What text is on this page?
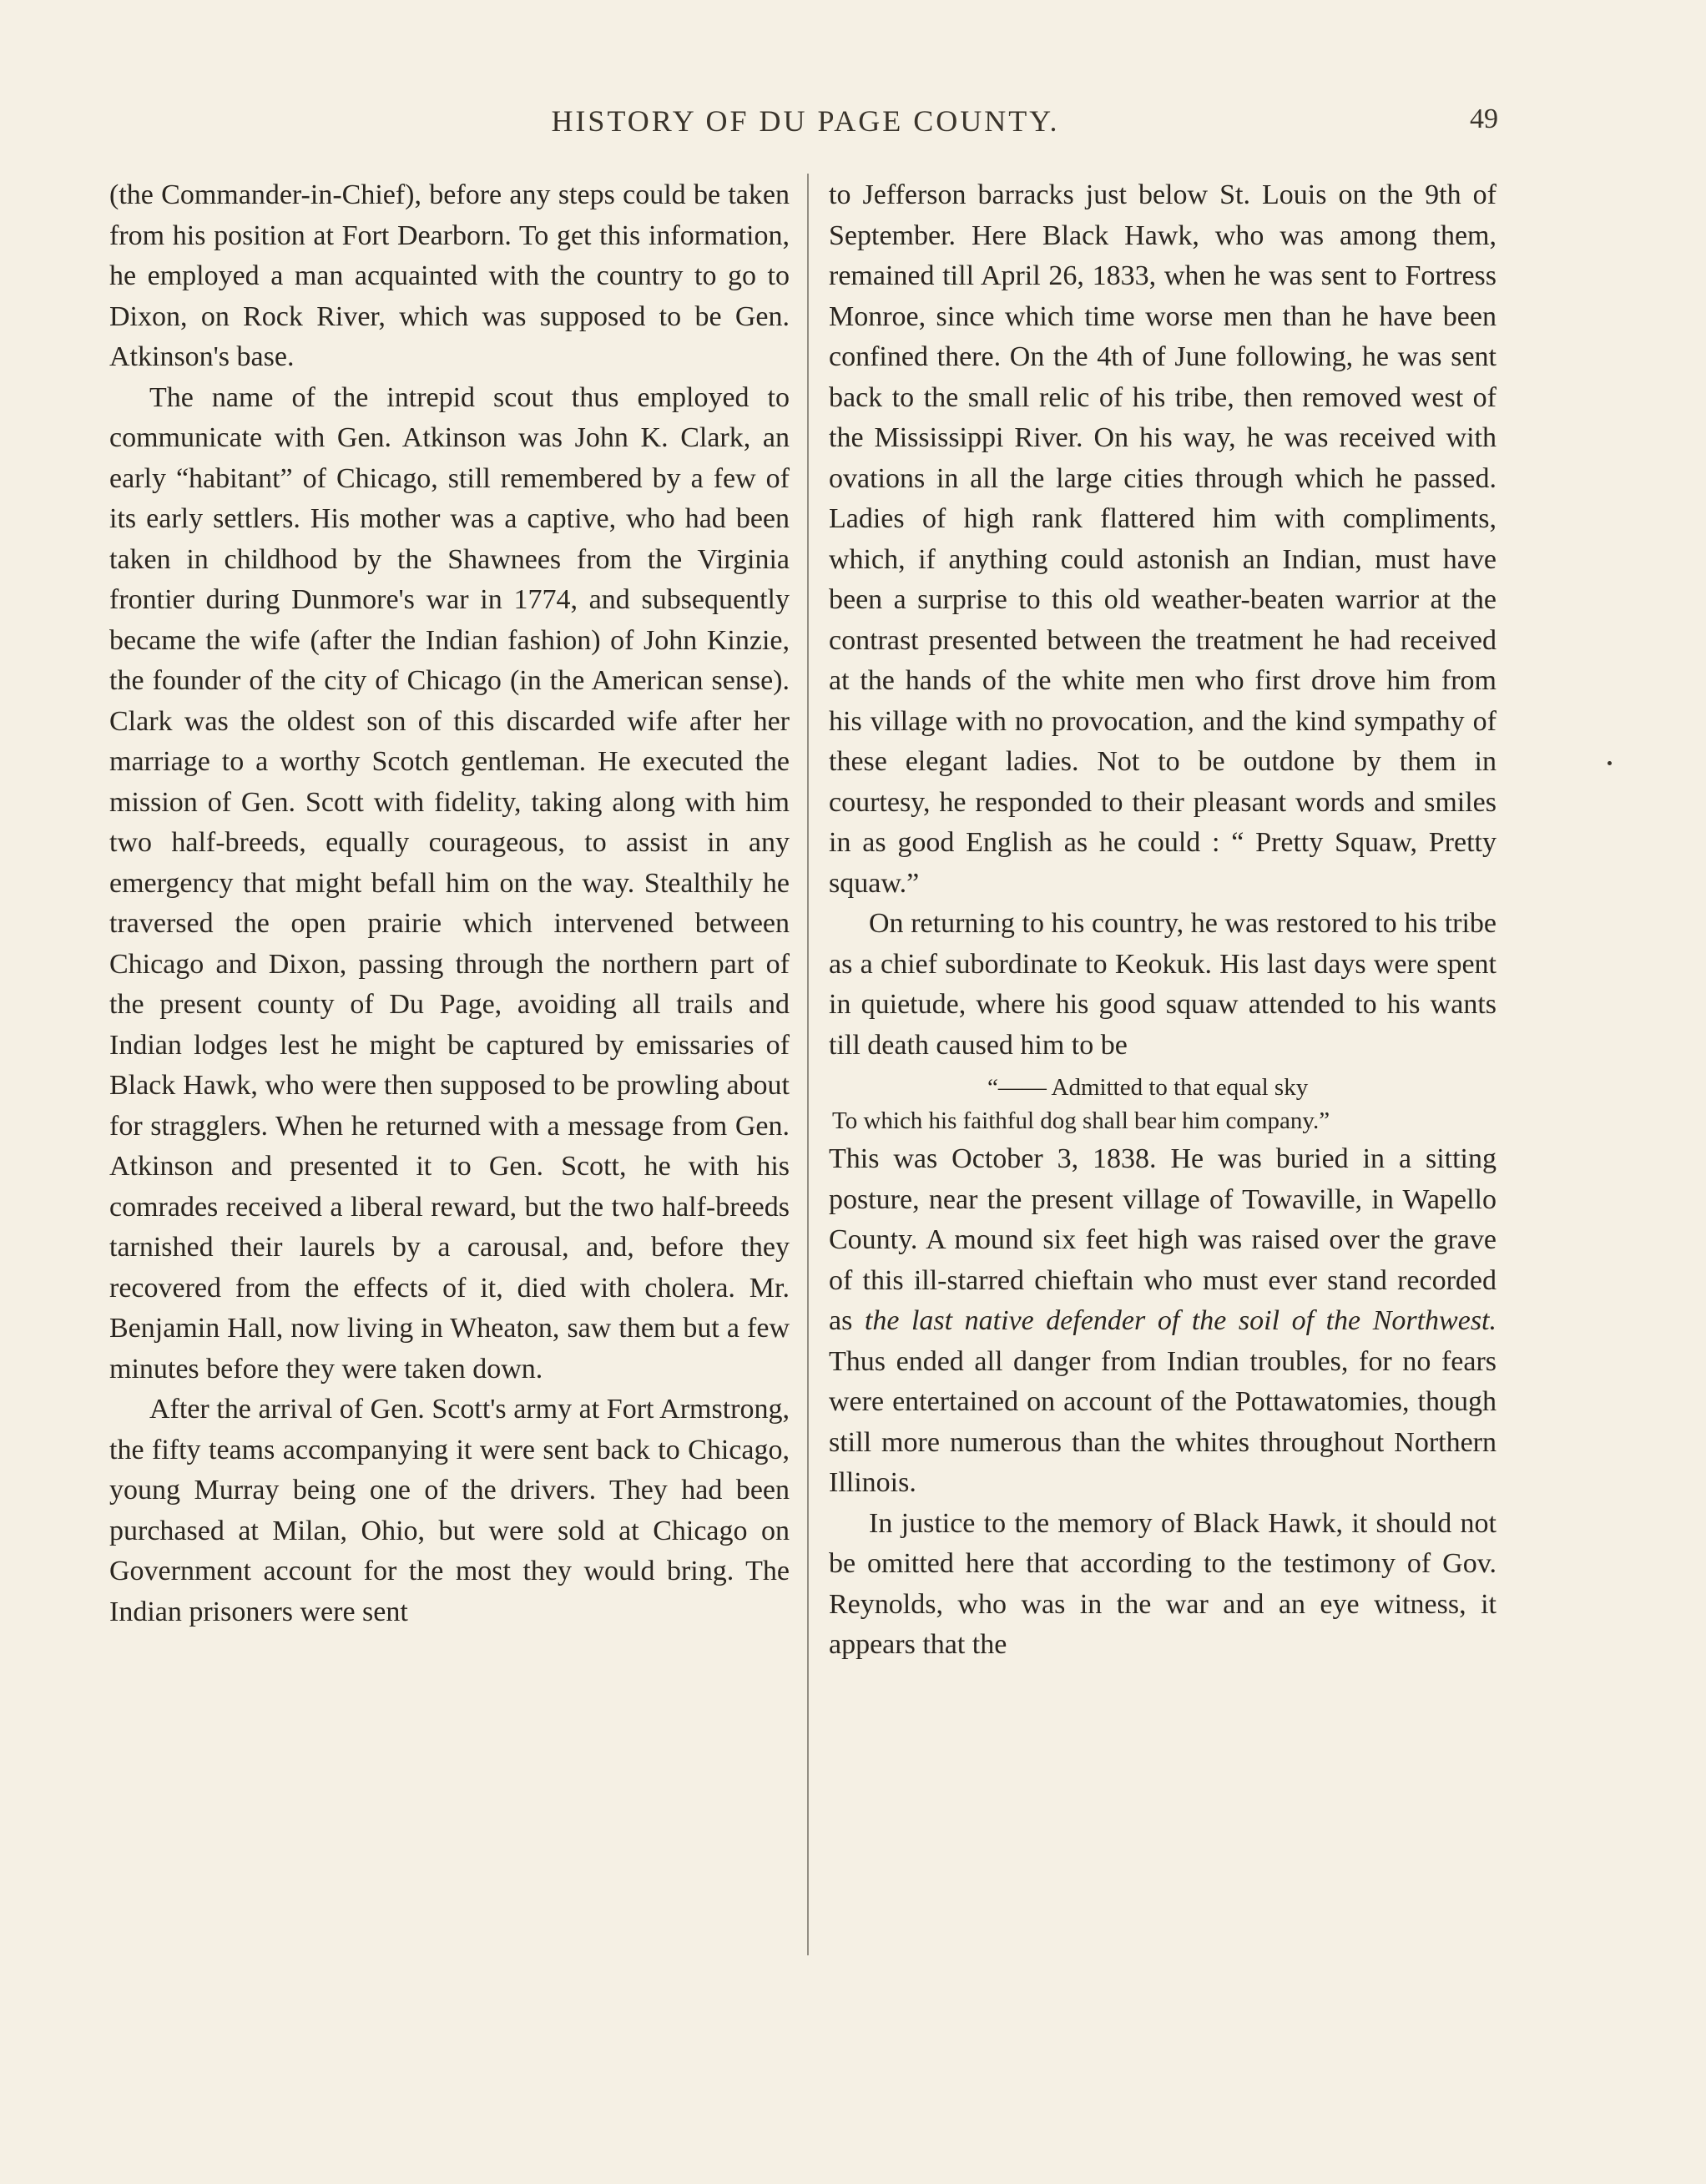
HISTORY OF DU PAGE COUNTY.	49

(the Commander-in-Chief), before any steps could be taken from his position at Fort Dearborn. To get this information, he employed a man acquainted with the country to go to Dixon, on Rock River, which was supposed to be Gen. Atkinson's base.

The name of the intrepid scout thus employed to communicate with Gen. Atkinson was John K. Clark, an early “habitant” of Chicago, still remembered by a few of its early settlers. His mother was a captive, who had been taken in childhood by the Shawnees from the Virginia frontier during Dunmore's war in 1774, and subsequently became the wife (after the Indian fashion) of John Kinzie, the founder of the city of Chicago (in the American sense). Clark was the oldest son of this discarded wife after her marriage to a worthy Scotch gentleman. He executed the mission of Gen. Scott with fidelity, taking along with him two half-breeds, equally courageous, to assist in any emergency that might befall him on the way. Stealthily he traversed the open prairie which intervened between Chicago and Dixon, passing through the northern part of the present county of Du Page, avoiding all trails and Indian lodges lest he might be captured by emissaries of Black Hawk, who were then supposed to be prowling about for stragglers. When he returned with a message from Gen. Atkinson and presented it to Gen. Scott, he with his comrades received a liberal reward, but the two half-breeds tarnished their laurels by a carousal, and, before they recovered from the effects of it, died with cholera. Mr. Benjamin Hall, now living in Wheaton, saw them but a few minutes before they were taken down.

After the arrival of Gen. Scott's army at Fort Armstrong, the fifty teams accompanying it were sent back to Chicago, young Murray being one of the drivers. They had been purchased at Milan, Ohio, but were sold at Chicago on Government account for the most they would bring. The Indian prisoners were sent

to Jefferson barracks just below St. Louis on the 9th of September. Here Black Hawk, who was among them, remained till April 26, 1833, when he was sent to Fortress Monroe, since which time worse men than he have been confined there. On the 4th of June following, he was sent back to the small relic of his tribe, then removed west of the Mississippi River. On his way, he was received with ovations in all the large cities through which he passed. Ladies of high rank flattered him with compliments, which, if anything could astonish an Indian, must have been a surprise to this old weather-beaten warrior at the contrast presented between the treatment he had received at the hands of the white men who first drove him from his village with no provocation, and the kind sympathy of these elegant ladies. Not to be outdone by them in courtesy, he responded to their pleasant words and smiles in as good English as he could : “ Pretty Squaw, Pretty squaw.”

On returning to his country, he was restored to his tribe as a chief subordinate to Keokuk. His last days were spent in quietude, where his good squaw attended to his wants till death caused him to be

“—— Admitted to that equal sky
To which his faithful dog shall bear him company.”

This was October 3, 1838. He was buried in a sitting posture, near the present village of Towaville, in Wapello County. A mound six feet high was raised over the grave of this ill-starred chieftain who must ever stand recorded as the last native defender of the soil of the Northwest. Thus ended all danger from Indian troubles, for no fears were entertained on account of the Pottawatomies, though still more numerous than the whites throughout Northern Illinois.

In justice to the memory of Black Hawk, it should not be omitted here that according to the testimony of Gov. Reynolds, who was in the war and an eye witness, it appears that the
